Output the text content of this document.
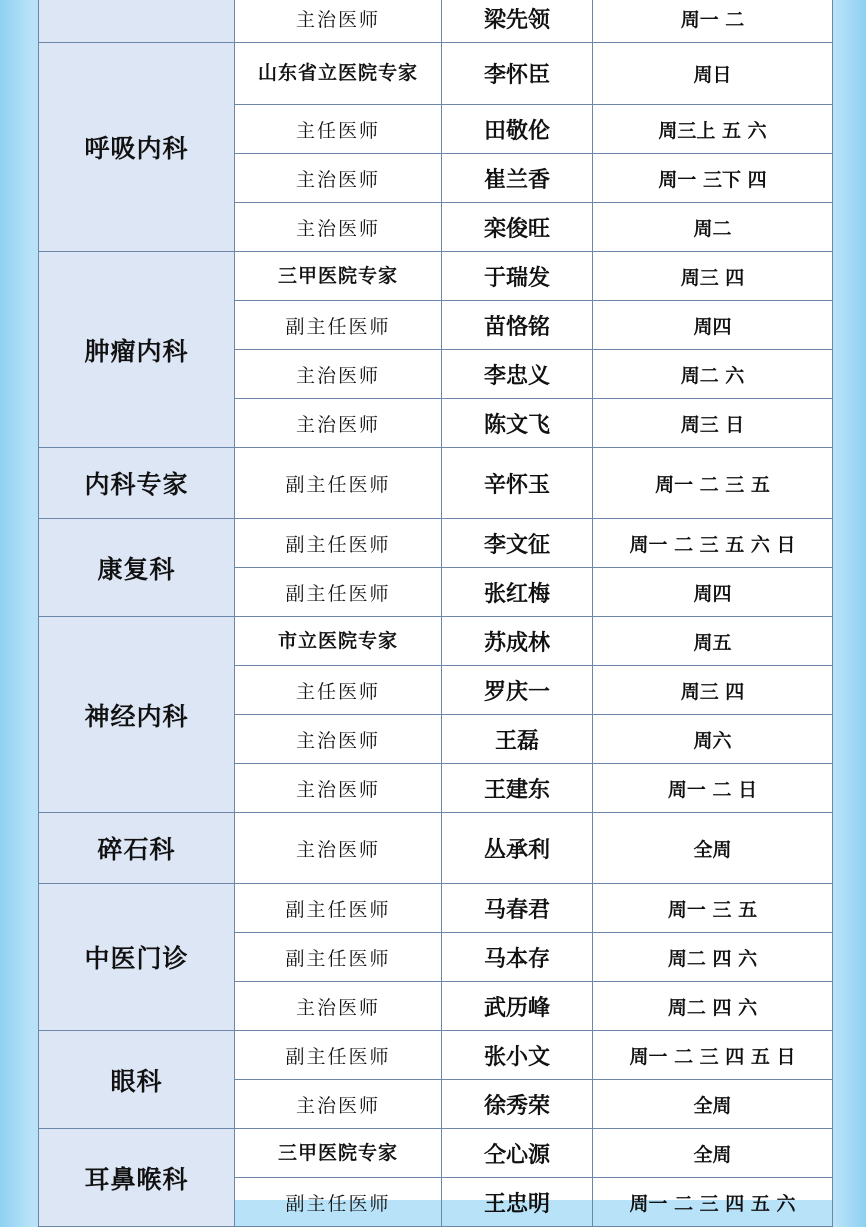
	主治医师	梁先领	周一 二
呼吸内科	山东省立医院专家	李怀臣	周日
	主任医师	田敬伦	周三上 五 六
	主治医师	崔兰香	周一 三下 四
	主治医师	栾俊旺	周二
肿瘤内科	三甲医院专家	于瑞发	周三 四
	副主任医师	苗恪铭	周四
	主治医师	李忠义	周二 六
	主治医师	陈文飞	周三 日
内科专家	副主任医师	辛怀玉	周一 二 三 五
康复科	副主任医师	李文征	周一 二 三 五 六 日
	副主任医师	张红梅	周四
神经内科	市立医院专家	苏成林	周五
	主任医师	罗庆一	周三 四
	主治医师	王磊	周六
	主治医师	王建东	周一 二 日
碎石科	主治医师	丛承利	全周
中医门诊	副主任医师	马春君	周一 三 五
	副主任医师	马本存	周二 四 六
	主治医师	武历峰	周二 四 六
眼科	副主任医师	张小文	周一 二 三 四 五 日
	主治医师	徐秀荣	全周
耳鼻喉科	三甲医院专家	仝心源	全周
	副主任医师	王忠明	周一 二 三 四 五 六
